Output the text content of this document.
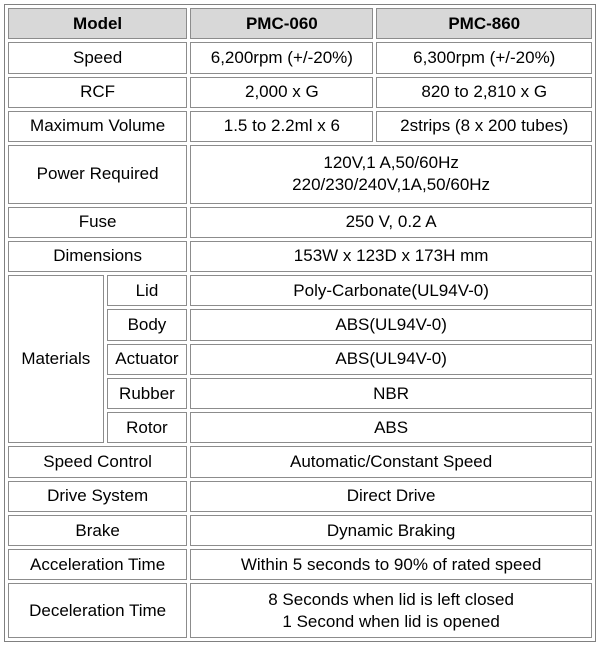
Model		PMC-060	PMC-860
Speed		6,200rpm (+/-20%)	6,300rpm (+/-20%)
RCF		2,000 x G	820 to 2,810 x G
Maximum Volume		1.5 to 2.2ml x 6	2strips (8 x 200 tubes)
Power Required		120V,1 A,50/60Hz
220/230/240V,1A,50/60Hz	

Fuse		250 V, 0.2 A	
Dimensions		153W x 123D x 173H mm	
Materials	Lid	Poly-Carbonate(UL94V-0)	
	Body	ABS(UL94V-0)	
	Actuator	ABS(UL94V-0)	
	Rubber	NBR	
	Rotor	ABS	
Speed Control		Automatic/Constant Speed	
Drive System		Direct Drive	
Brake		Dynamic Braking	
Acceleration Time		Within 5 seconds to 90% of rated speed	
Deceleration Time		8 Seconds when lid is left closed
1 Second when lid is opened	
